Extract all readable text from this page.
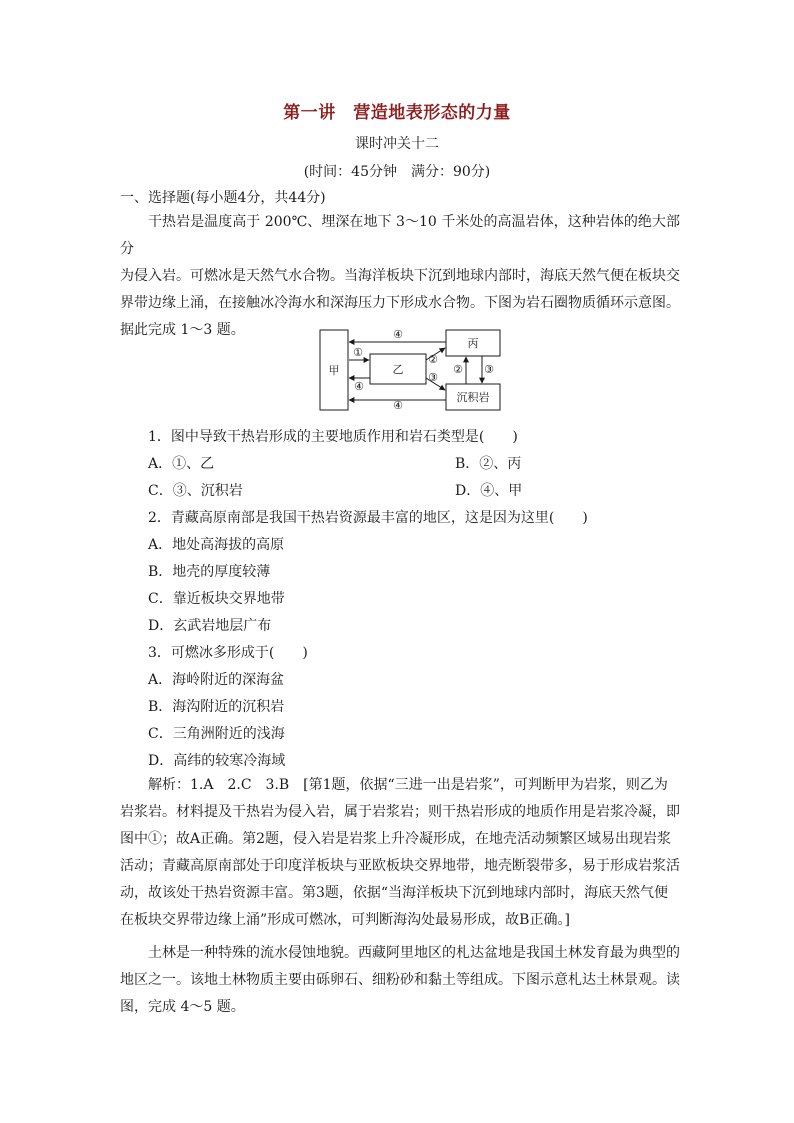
第一讲　营造地表形态的力量
课时冲关十二
(时间：45分钟　满分：90分)
一、选择题(每小题4分，共44分)

干热岩是温度高于 200℃、埋深在地下 3～10 千米处的高温岩体，这种岩体的绝大部分

为侵入岩。可燃冰是天然气水合物。当海洋板块下沉到地球内部时，海底天然气便在板块交

界带边缘上涌，在接触冰冷海水和深海压力下形成水合物。下图为岩石圈物质循环示意图。

据此完成 1～3 题。

甲	乙
丙
沉积岩
④
①
④
②
③
② ③
④
1．图中导致干热岩形成的主要地质作用和岩石类型是(　　)
A．①、乙	B．②、丙
C．③、沉积岩	D．④、甲
2．青藏高原南部是我国干热岩资源最丰富的地区，这是因为这里(　　)
A．地处高海拔的高原
B．地壳的厚度较薄
C．靠近板块交界地带
D．玄武岩地层广布
3．可燃冰多形成于(　　)
A．海岭附近的深海盆
B．海沟附近的沉积岩
C．三角洲附近的浅海
D．高纬的较寒冷海域

解析：1.A　2.C　3.B　[第1题，依据“三进一出是岩浆”，可判断甲为岩浆，则乙为

岩浆岩。材料提及干热岩为侵入岩，属于岩浆岩；则干热岩形成的地质作用是岩浆冷凝，即

图中①；故A正确。第2题，侵入岩是岩浆上升冷凝形成，在地壳活动频繁区域易出现岩浆

活动；青藏高原南部处于印度洋板块与亚欧板块交界地带，地壳断裂带多，易于形成岩浆活

动，故该处干热岩资源丰富。第3题，依据“当海洋板块下沉到地球内部时，海底天然气便

在板块交界带边缘上涌”形成可燃冰，可判断海沟处最易形成，故B正确。]

土林是一种特殊的流水侵蚀地貌。西藏阿里地区的札达盆地是我国土林发育最为典型的

地区之一。该地土林物质主要由砾卵石、细粉砂和黏土等组成。下图示意札达土林景观。读

图，完成 4～5 题。
